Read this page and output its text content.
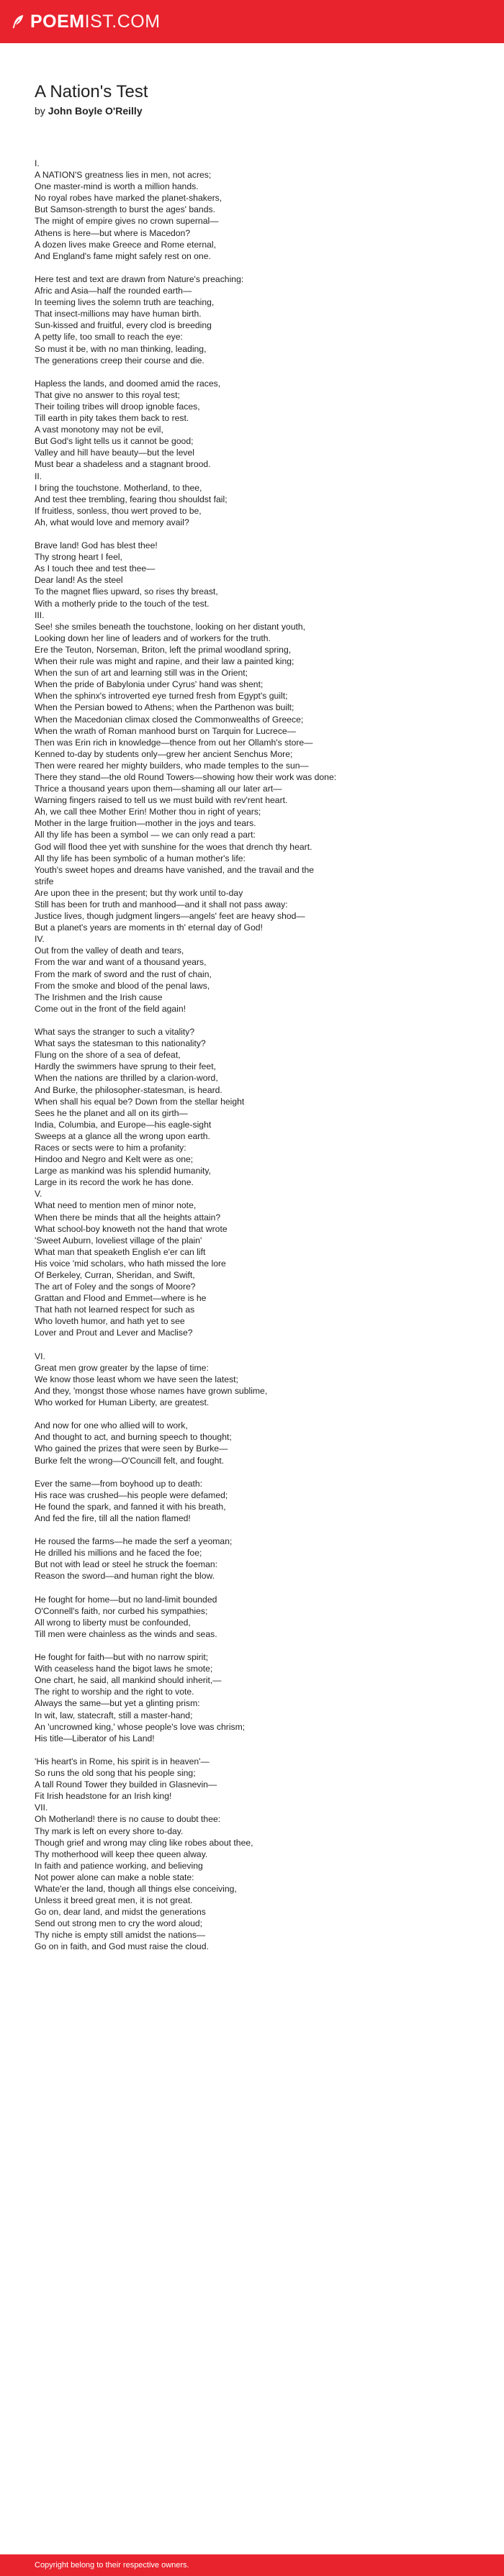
POEM IST.COM
A Nation's Test
by John Boyle O'Reilly
I.
A NATION'S greatness lies in men, not acres;
One master-mind is worth a million hands.
No royal robes have marked the planet-shakers,
But Samson-strength to burst the ages' bands.
The might of empire gives no crown supernal—
Athens is here—but where is Macedon?
A dozen lives make Greece and Rome eternal,
And England's fame might safely rest on one.
Here test and text are drawn from Nature's preaching:
Afric and Asia—half the rounded earth—
In teeming lives the solemn truth are teaching,
That insect-millions may have human birth.
Sun-kissed and fruitful, every clod is breeding
A petty life, too small to reach the eye:
So must it be, with no man thinking, leading,
The generations creep their course and die.
Hapless the lands, and doomed amid the races,
That give no answer to this royal test;
Their toiling tribes will droop ignoble faces,
Till earth in pity takes them back to rest.
A vast monotony may not be evil,
But God's light tells us it cannot be good;
Valley and hill have beauty—but the level
Must bear a shadeless and a stagnant brood.
II.
I bring the touchstone. Motherland, to thee,
And test thee trembling, fearing thou shouldst fail;
If fruitless, sonless, thou wert proved to be,
Ah, what would love and memory avail?
Brave land! God has blest thee!
Thy strong heart I feel,
As I touch thee and test thee—
Dear land! As the steel
To the magnet flies upward, so rises thy breast,
With a motherly pride to the touch of the test.
III.
See! she smiles beneath the touchstone, looking on her distant youth,
Looking down her line of leaders and of workers for the truth.
Ere the Teuton, Norseman, Briton, left the primal woodland spring,
When their rule was might and rapine, and their law a painted king;
When the sun of art and learning still was in the Orient;
When the pride of Babylonia under Cyrus' hand was shent;
When the sphinx's introverted eye turned fresh from Egypt's guilt;
When the Persian bowed to Athens; when the Parthenon was built;
When the Macedonian climax closed the Commonwealths of Greece;
When the wrath of Roman manhood burst on Tarquin for Lucrece—
Then was Erin rich in knowledge—thence from out her Ollamh's store—
Kenned to-day by students only—grew her ancient Senchus More;
Then were reared her mighty builders, who made temples to the sun—
There they stand—the old Round Towers—showing how their work was done:
Thrice a thousand years upon them—shaming all our later art—
Warning fingers raised to tell us we must build with rev'rent heart.
Ah, we call thee Mother Erin! Mother thou in right of years;
Mother in the large fruition—mother in the joys and tears.
All thy life has been a symbol — we can only read a part:
God will flood thee yet with sunshine for the woes that drench thy heart.
All thy life has been symbolic of a human mother's life:
Youth's sweet hopes and dreams have vanished, and the travail and the
strife
Are upon thee in the present; but thy work until to-day
Still has been for truth and manhood—and it shall not pass away:
Justice lives, though judgment lingers—angels' feet are heavy shod—
But a planet's years are moments in th' eternal day of God!
IV.
Out from the valley of death and tears,
From the war and want of a thousand years,
From the mark of sword and the rust of chain,
From the smoke and blood of the penal laws,
The Irishmen and the Irish cause
Come out in the front of the field again!
What says the stranger to such a vitality?
What says the statesman to this nationality?
Flung on the shore of a sea of defeat,
Hardly the swimmers have sprung to their feet,
When the nations are thrilled by a clarion-word,
And Burke, the philosopher-statesman, is heard.
When shall his equal be? Down from the stellar height
Sees he the planet and all on its girth—
India, Columbia, and Europe—his eagle-sight
Sweeps at a glance all the wrong upon earth.
Races or sects were to him a profanity:
Hindoo and Negro and Kelt were as one;
Large as mankind was his splendid humanity,
Large in its record the work he has done.
V.
What need to mention men of minor note,
When there be minds that all the heights attain?
What school-boy knoweth not the hand that wrote
'Sweet Auburn, loveliest village of the plain'
What man that speaketh English e'er can lift
His voice 'mid scholars, who hath missed the lore
Of Berkeley, Curran, Sheridan, and Swift,
The art of Foley and the songs of Moore?
Grattan and Flood and Emmet—where is he
That hath not learned respect for such as
Who loveth humor, and hath yet to see
Lover and Prout and Lever and Maclise?
VI.
Great men grow greater by the lapse of time:
We know those least whom we have seen the latest;
And they, 'mongst those whose names have grown sublime,
Who worked for Human Liberty, are greatest.
And now for one who allied will to work,
And thought to act, and burning speech to thought;
Who gained the prizes that were seen by Burke—
Burke felt the wrong—O'Councill felt, and fought.
Ever the same—from boyhood up to death:
His race was crushed—his people were defamed;
He found the spark, and fanned it with his breath,
And fed the fire, till all the nation flamed!
He roused the farms—he made the serf a yeoman;
He drilled his millions and he faced the foe;
But not with lead or steel he struck the foeman:
Reason the sword—and human right the blow.
He fought for home—but no land-limit bounded
O'Connell's faith, nor curbed his sympathies;
All wrong to liberty must be confounded,
Till men were chainless as the winds and seas.
He fought for faith—but with no narrow spirit;
With ceaseless hand the bigot laws he smote;
One chart, he said, all mankind should inherit,—
The right to worship and the right to vote.
Always the same—but yet a glinting prism:
In wit, law, statecraft, still a master-hand;
An 'uncrowned king,' whose people's love was chrism;
His title—Liberator of his Land!
'His heart's in Rome, his spirit is in heaven'—
So runs the old song that his people sing;
A tall Round Tower they builded in Glasnevin—
Fit Irish headstone for an Irish king!
VII.
Oh Motherland! there is no cause to doubt thee:
Thy mark is left on every shore to-day.
Though grief and wrong may cling like robes about thee,
Thy motherhood will keep thee queen alway.
In faith and patience working, and believing
Not power alone can make a noble state:
Whate'er the land, though all things else conceiving,
Unless it breed great men, it is not great.
Go on, dear land, and midst the generations
Send out strong men to cry the word aloud;
Thy niche is empty still amidst the nations—
Go on in faith, and God must raise the cloud.
Copyright belong to their respective owners.
